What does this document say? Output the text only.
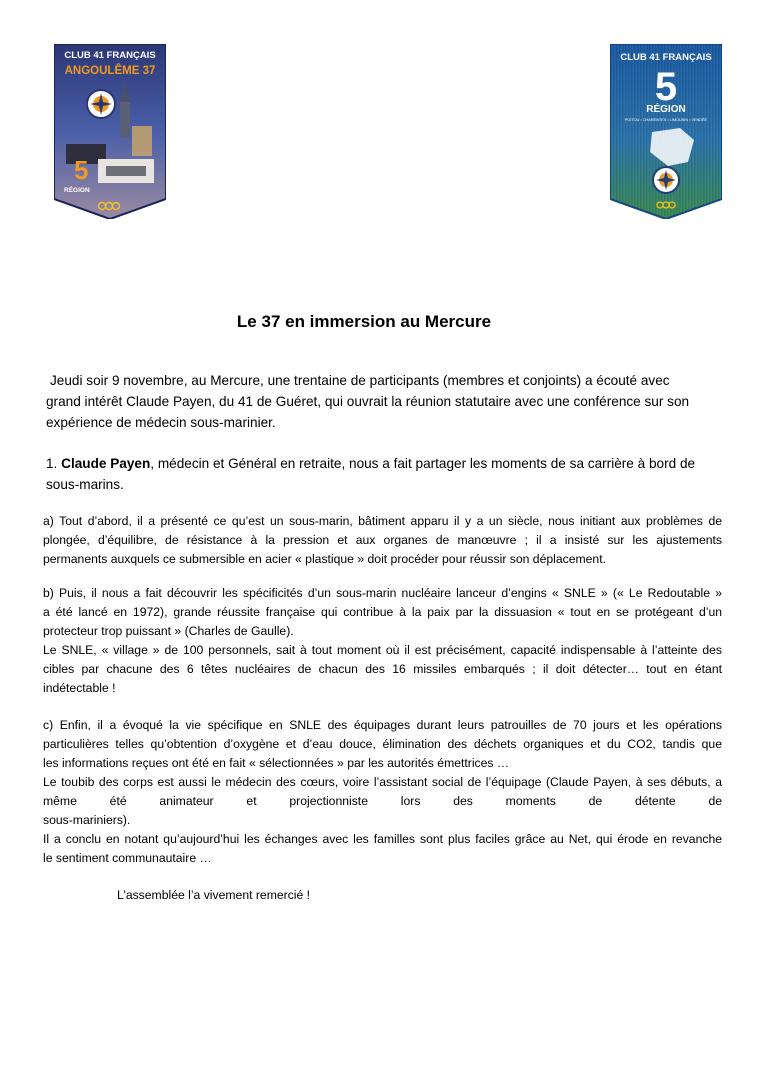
CLUB 41 FRANÇAIS
ANGOULÊME 37
5
RÉGION
CLUB 41 FRANÇAIS
5
RÉGION
POITOU • CHARENTES • LIMOUSIN • VENDÉE
Le 37 en immersion au Mercure
Jeudi soir 9 novembre, au Mercure, une trentaine de participants (membres et conjoints) a écouté avec
grand intérêt Claude Payen, du 41 de Guéret, qui ouvrait la réunion statutaire avec une conférence sur son
expérience de médecin sous-marinier.
1. Claude Payen, médecin et Général en retraite, nous a fait partager les moments de sa carrière à bord de
sous-marins.
a) Tout d’abord, il a présenté ce qu’est un sous-marin, bâtiment apparu il y a un siècle, nous initiant aux problèmes de
plongée, d’équilibre, de résistance à la pression et aux organes de manœuvre ; il a insisté sur les ajustements
permanents auxquels ce submersible en acier « plastique » doit procéder pour réussir son déplacement.
b) Puis, il nous a fait découvrir les spécificités d’un sous-marin nucléaire lanceur d’engins « SNLE » (« Le Redoutable »
a été lancé en 1972), grande réussite française qui contribue à la paix par la dissuasion « tout en se protégeant d’un
protecteur trop puissant » (Charles de Gaulle).
Le SNLE, « village » de 100 personnels, sait à tout moment où il est précisément, capacité indispensable à l’atteinte des
cibles par chacune des 6 têtes nucléaires de chacun des 16 missiles embarqués ; il doit détecter… tout en étant
indétectable !
c) Enfin, il a évoqué la vie spécifique en SNLE des équipages durant leurs patrouilles de 70 jours et les opérations
particulières telles qu’obtention d’oxygène et d’eau douce, élimination des déchets organiques et du CO2, tandis que
les informations reçues ont été en fait « sélectionnées » par les autorités émettrices …
Le toubib des corps est aussi le médecin des cœurs, voire l’assistant social de l’équipage (Claude Payen, à ses débuts, a
même été animateur et projectionniste lors des moments de détente de
sous-mariniers).
Il a conclu en notant qu’aujourd’hui les échanges avec les familles sont plus faciles grâce au Net, qui érode en revanche
le sentiment communautaire …
L’assemblée l’a vivement remercié !
